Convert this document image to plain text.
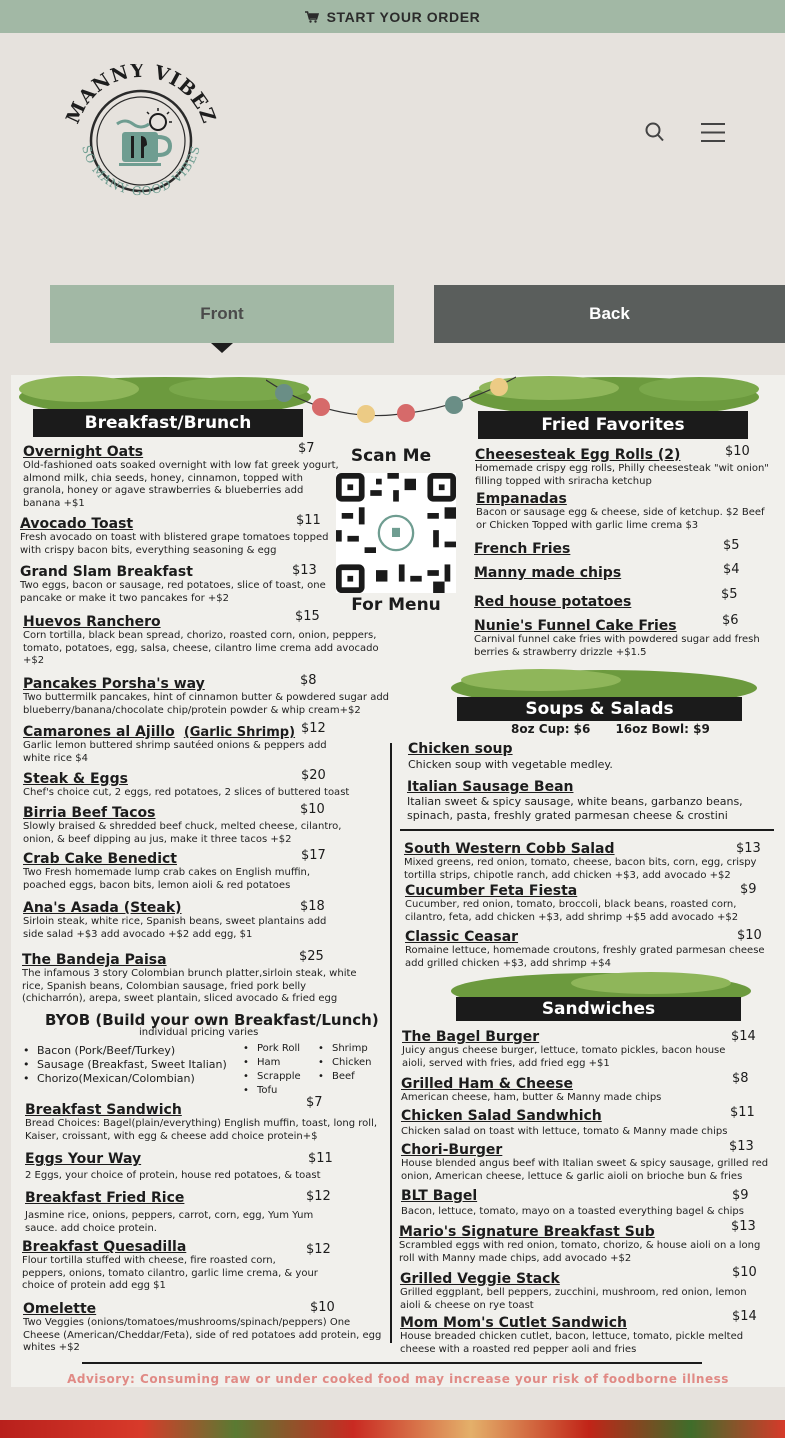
START YOUR ORDER
MANNY VIBEZ
SO MANY GOOD VIBES
Front	Back
Breakfast/Brunch
Overnight Oats	$7
Old-fashioned oats soaked overnight with low fat greek yogurt, almond milk, chia seeds, honey, cinnamon, topped with granola, honey or agave strawberries & blueberries add banana +$1
Avocado Toast	$11
Fresh avocado on toast with blistered grape tomatoes topped with crispy bacon bits, everything seasoning & egg
Grand Slam Breakfast	$13
Two eggs, bacon or sausage, red potatoes, slice of toast, one pancake or make it two pancakes for +$2
Huevos Ranchero	$15
Corn tortilla, black bean spread, chorizo, roasted corn, onion, peppers, tomato, potatoes, egg, salsa, cheese, cilantro lime crema add avocado +$2
Pancakes Porsha's way	$8
Two buttermilk pancakes, hint of cinnamon butter & powdered sugar add blueberry/banana/chocolate chip/protein powder & whip cream+$2
Camarones al Ajillo (Garlic Shrimp) $12
Garlic lemon buttered shrimp sautéed onions & peppers add white rice $4
Steak & Eggs	$20
Chef's choice cut, 2 eggs, red potatoes, 2 slices of buttered toast
Birria Beef Tacos	$10
Slowly braised & shredded beef chuck, melted cheese, cilantro, onion, & beef dipping au jus, make it three tacos +$2
Crab Cake Benedict	$17
Two Fresh homemade lump crab cakes on English muffin, poached eggs, bacon bits, lemon aioli & red potatoes
Ana's Asada (Steak)	$18
Sirloin steak, white rice, Spanish beans, sweet plantains add side salad +$3 add avocado +$2 add egg, $1
The Bandeja Paisa	$25
The infamous 3 story Colombian brunch platter,sirloin steak, white rice, Spanish beans, Colombian sausage, fried pork belly (chicharrón), arepa, sweet plantain, sliced avocado & fried egg
BYOB (Build your own Breakfast/Lunch)
individual pricing varies
• Bacon (Pork/Beef/Turkey)
• Sausage (Breakfast, Sweet Italian)
• Chorizo(Mexican/Colombian)
• Pork Roll
• Ham
• Scrapple
• Tofu
• Shrimp
• Chicken
• Beef
Breakfast Sandwich	$7
Bread Choices: Bagel(plain/everything) English muffin, toast, long roll, Kaiser, croissant, with egg & cheese add choice protein+$
Eggs Your Way	$11
2 Eggs, your choice of protein, house red potatoes, & toast
Breakfast Fried Rice	$12
Jasmine rice, onions, peppers, carrot, corn, egg, Yum Yum sauce. add choice protein.
Breakfast Quesadilla	$12
Flour tortilla stuffed with cheese, fire roasted corn, peppers, onions, tomato cilantro, garlic lime crema, & your choice of protein add egg $1
Omelette	$10
Two Veggies (onions/tomatoes/mushrooms/spinach/peppers) One Cheese (American/Cheddar/Feta), side of red potatoes add protein, egg whites +$2
Scan Me
For Menu
Fried Favorites
Cheesesteak Egg Rolls (2)	$10
Homemade crispy egg rolls, Philly cheesesteak "wit onion" filling topped with sriracha ketchup
Empanadas
Bacon or sausage egg & cheese, side of ketchup. $2 Beef or Chicken Topped with garlic lime crema $3
French Fries	$5
Manny made chips	$4
Red house potatoes	$5
Nunie's Funnel Cake Fries	$6
Carnival funnel cake fries with powdered sugar add fresh berries & strawberry drizzle +$1.5
Soups & Salads
8oz Cup: $6      16oz Bowl: $9
Chicken soup
Chicken soup with vegetable medley.
Italian Sausage Bean
Italian sweet & spicy sausage, white beans, garbanzo beans, spinach, pasta, freshly grated parmesan cheese & crostini
South Western Cobb Salad	$13
Mixed greens, red onion, tomato, cheese, bacon bits, corn, egg, crispy tortilla strips, chipotle ranch, add chicken +$3, add avocado +$2
Cucumber Feta Fiesta	$9
Cucumber, red onion, tomato, broccoli, black beans, roasted corn, cilantro, feta, add chicken +$3, add shrimp +$5 add avocado +$2
Classic Ceasar	$10
Romaine lettuce, homemade croutons, freshly grated parmesan cheese add grilled chicken +$3, add shrimp +$4
Sandwiches
The Bagel Burger	$14
Juicy angus cheese burger, lettuce, tomato pickles, bacon house aioli, served with fries, add fried egg +$1
Grilled Ham & Cheese	$8
American cheese, ham, butter & Manny made chips
Chicken Salad Sandwhich	$11
Chicken salad on toast with lettuce, tomato & Manny made chips
Chori-Burger	$13
House blended angus beef with Italian sweet & spicy sausage, grilled red onion, American cheese, lettuce & garlic aioli on brioche bun & fries
BLT Bagel	$9
Bacon, lettuce, tomato, mayo on a toasted everything bagel & chips
Mario's Signature Breakfast Sub	$13
Scrambled eggs with red onion, tomato, chorizo, & house aioli on a long roll with Manny made chips, add avocado +$2
Grilled Veggie Stack	$10
Grilled eggplant, bell peppers, zucchini, mushroom, red onion, lemon aioli & cheese on rye toast
Mom Mom's Cutlet Sandwich	$14
House breaded chicken cutlet, bacon, lettuce, tomato, pickle melted cheese with a roasted red pepper aoli and fries
Advisory: Consuming raw or under cooked food may increase your risk of foodborne illness
